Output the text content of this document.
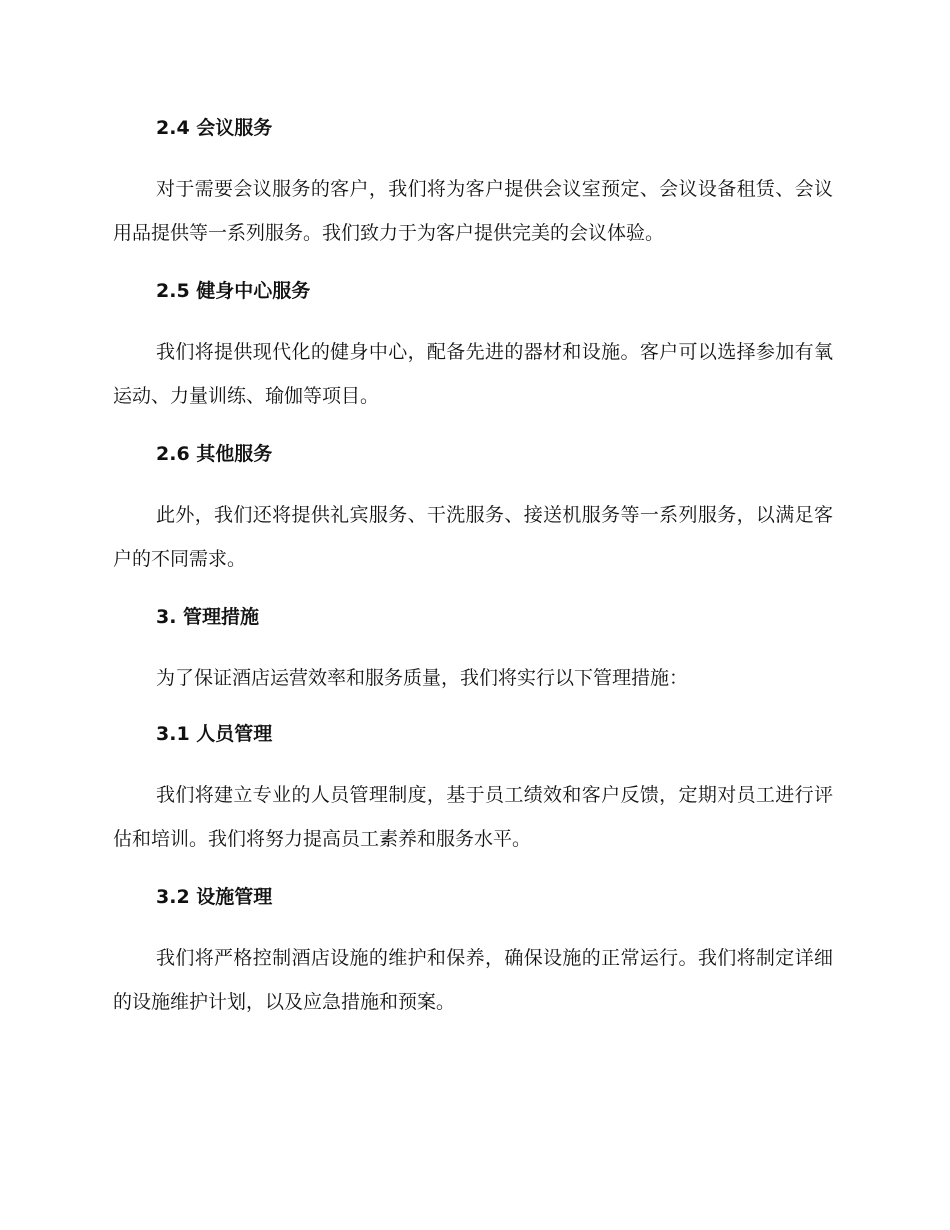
2.4 会议服务

对于需要会议服务的客户，我们将为客户提供会议室预定、会议设备租赁、会议用品提供等一系列服务。我们致力于为客户提供完美的会议体验。

2.5 健身中心服务

我们将提供现代化的健身中心，配备先进的器材和设施。客户可以选择参加有氧运动、力量训练、瑜伽等项目。

2.6 其他服务

此外，我们还将提供礼宾服务、干洗服务、接送机服务等一系列服务，以满足客户的不同需求。

3. 管理措施

为了保证酒店运营效率和服务质量，我们将实行以下管理措施：

3.1 人员管理

我们将建立专业的人员管理制度，基于员工绩效和客户反馈，定期对员工进行评估和培训。我们将努力提高员工素养和服务水平。

3.2 设施管理

我们将严格控制酒店设施的维护和保养，确保设施的正常运行。我们将制定详细的设施维护计划，以及应急措施和预案。
